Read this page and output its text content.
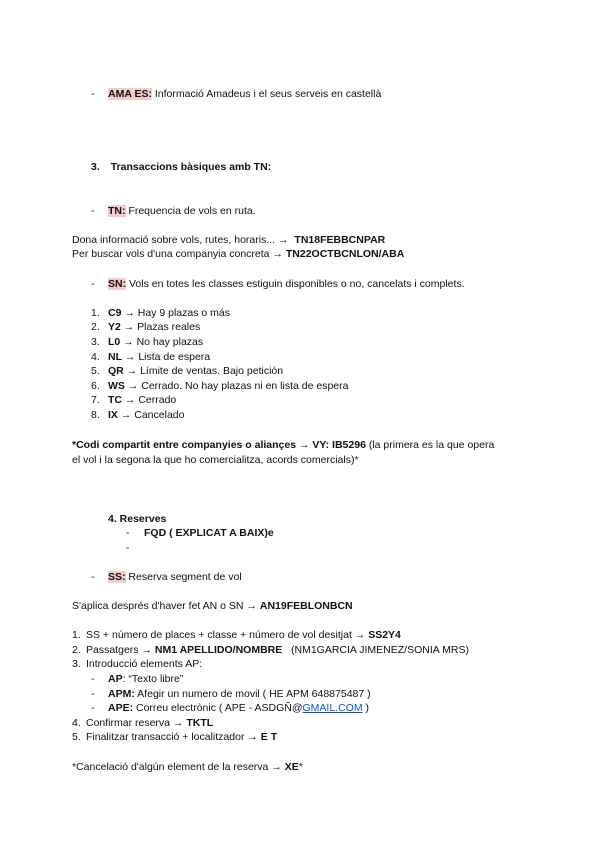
- AMA ES: Informació Amadeus i el seus serveis en castellà
3. Transaccions bàsiques amb TN:
- TN: Frequencia de vols en ruta.
Dona informació sobre vols, rutes, horaris... → TN18FEBBCNPAR
Per buscar vols d'una companyia concreta → TN22OCTBCNLON/ABA
- SN: Vols en totes les classes estiguin disponibles o no, cancelats i complets.
1. C9 → Hay 9 plazas o más
2. Y2 → Plazas reales
3. L0 → No hay plazas
4. NL → Lista de espera
5. QR → Límite de ventas. Bajo petición
6. WS → Cerrado. No hay plazas ni en lista de espera
7. TC → Cerrado
8. IX → Cancelado
*Codi compartit entre companyies o aliançes → VY: IB5296 (la primera es la que opera
el vol i la segona la que ho comercialitza, acords comercials)*
4. Reserves
- FQD ( EXPLICAT A BAIX)e
-
- SS: Reserva segment de vol
S'aplica després d'haver fet AN o SN → AN19FEBLONBCN
1. SS + número de places + classe + número de vol desitjat → SS2Y4
2. Passatgers → NM1 APELLIDO/NOMBRE   (NM1GARCIA JIMENEZ/SONIA MRS)
3. Introducció elements AP:
- AP: “Texto libre”
- APM: Afegir un numero de movil ( HE APM 648875487 )
- APE: Correu electrònic ( APE - ASDGÑ@GMAIL.COM )
4. Confirmar reserva → TKTL
5. Finalitzar transacció + localitzador → E T
*Cancelació d'algún element de la reserva → XE*
